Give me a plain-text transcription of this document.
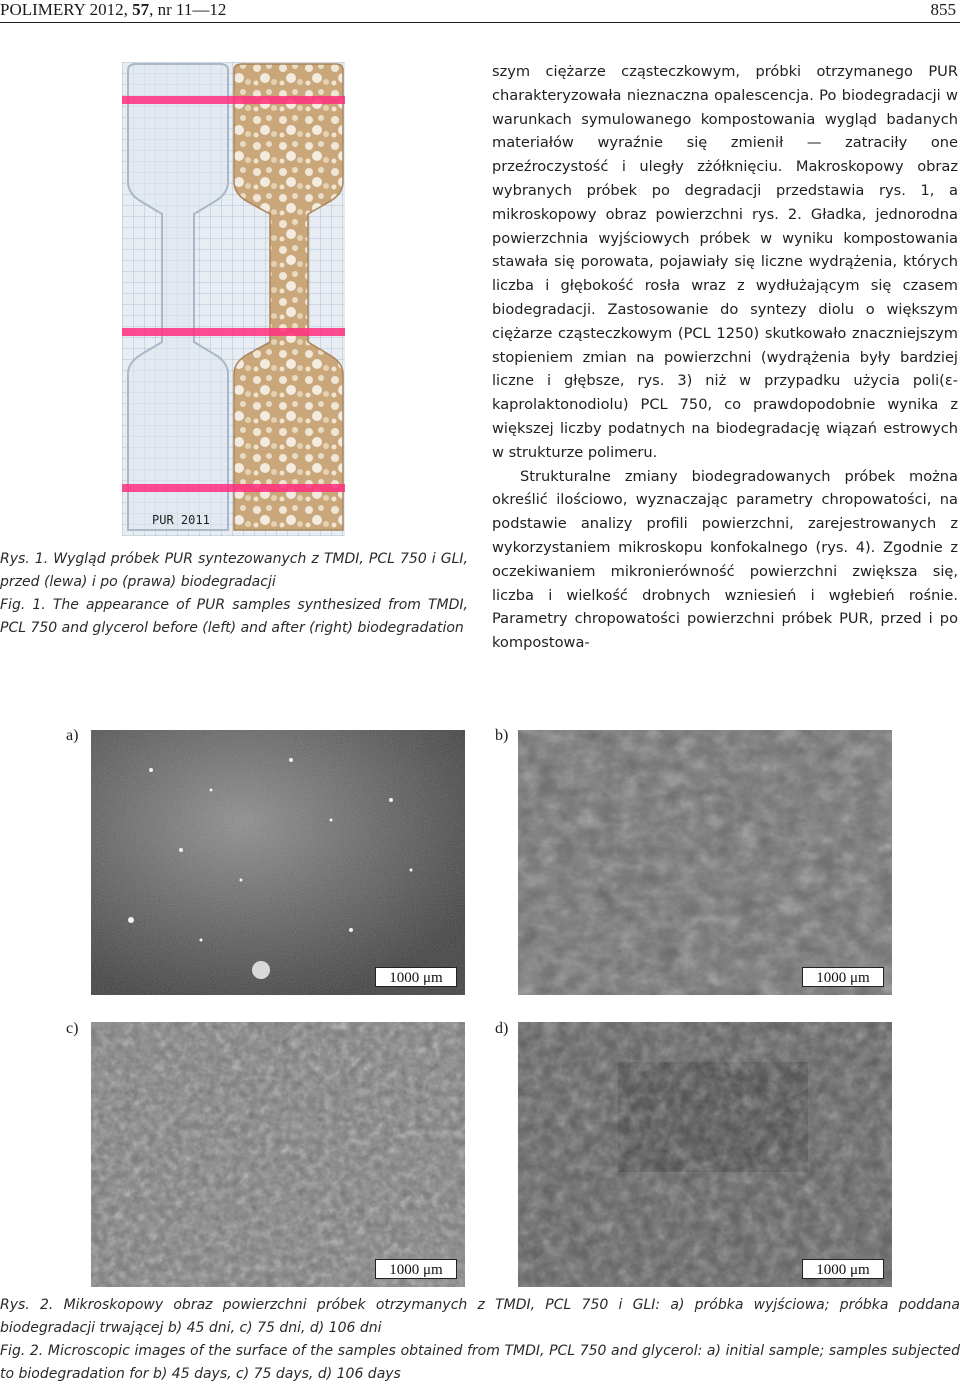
POLIMERY 2012, 57, nr 11—12	855
PUR 2011

Rys. 1. Wygląd próbek PUR syntezowanych z TMDI, PCL 750 i GLI, przed (lewa) i po (prawa) biodegradacji

Fig. 1. The appearance of PUR samples synthesized from TMDI, PCL 750 and glycerol before (left) and after (right) biodegradation

szym ciężarze cząsteczkowym, próbki otrzymanego PUR charakteryzowała nieznaczna opalescencja. Po biodegradacji w warunkach symulowanego kompostowania wygląd badanych materiałów wyraźnie się zmienił — zatraciły one przeźroczystość i uległy zżółknięciu. Makroskopowy obraz wybranych próbek po degradacji przedstawia rys. 1, a mikroskopowy obraz powierzchni rys. 2. Gładka, jednorodna powierzchnia wyjściowych próbek w wyniku kompostowania stawała się porowata, pojawiały się liczne wydrążenia, których liczba i głębokość rosła wraz z wydłużającym się czasem biodegradacji. Zastosowanie do syntezy diolu o większym ciężarze cząsteczkowym (PCL 1250) skutkowało znaczniejszym stopieniem zmian na powierzchni (wydrążenia były bardziej liczne i głębsze, rys. 3) niż w przypadku użycia poli(ε-kaprolaktonodiolu) PCL 750, co prawdopodobnie wynika z większej liczby podatnych na biodegradację wiązań estrowych w strukturze polimeru.

Strukturalne zmiany biodegradowanych próbek można określić ilościowo, wyznaczając parametry chropowatości, na podstawie analizy profili powierzchni, zarejestrowanych z wykorzystaniem mikroskopu konfokalnego (rys. 4). Zgodnie z oczekiwaniem mikronierówność powierzchni zwiększa się, liczba i wielkość drobnych wzniesień i wgłebień rośnie. Parametry chropowatości powierzchni próbek PUR, przed i po kompostowa-

a)	b)
c)	d)
1000 μm	1000 μm
1000 μm	1000 μm

Rys. 2. Mikroskopowy obraz powierzchni próbek otrzymanych z TMDI, PCL 750 i GLI: a) próbka wyjściowa; próbka poddana biodegradacji trwającej b) 45 dni, c) 75 dni, d) 106 dni

Fig. 2. Microscopic images of the surface of the samples obtained from TMDI, PCL 750 and glycerol: a) initial sample; samples subjected to biodegradation for b) 45 days, c) 75 days, d) 106 days
